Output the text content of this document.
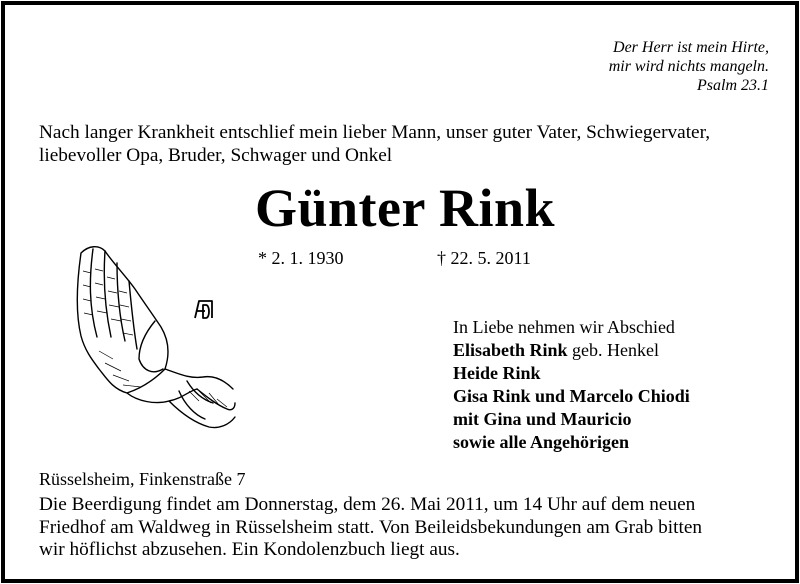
Der Herr ist mein Hirte,
mir wird nichts mangeln.
Psalm 23.1
Nach langer Krankheit entschlief mein lieber Mann, unser guter Vater, Schwiegervater,
liebevoller Opa, Bruder, Schwager und Onkel
Günter Rink
* 2. 1. 1930	† 22. 5. 2011
In Liebe nehmen wir Abschied
Elisabeth Rink geb. Henkel
Heide Rink
Gisa Rink und Marcelo Chiodi
mit Gina und Mauricio
sowie alle Angehörigen
Rüsselsheim, Finkenstraße 7
Die Beerdigung findet am Donnerstag, dem 26. Mai 2011, um 14 Uhr auf dem neuen
Friedhof am Waldweg in Rüsselsheim statt. Von Beileidsbekundungen am Grab bitten
wir höflichst abzusehen. Ein Kondolenzbuch liegt aus.
